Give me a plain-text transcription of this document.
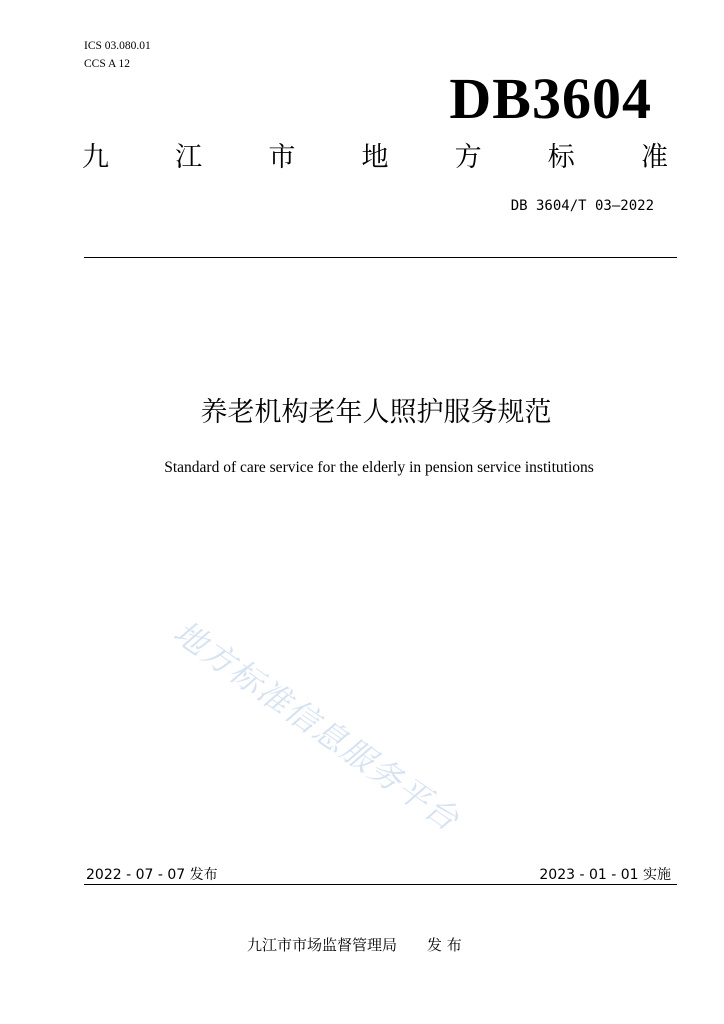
ICS 03.080.01
CCS A 12
DB3604
九 江 市 地 方 标 准
DB 3604/T 03—2022
养老机构老年人照护服务规范
Standard of care service for the elderly in pension service institutions
地方标准信息服务平台
2022 - 07 - 07 发布	2023 - 01 - 01 实施
九江市市场监督管理局 发 布
